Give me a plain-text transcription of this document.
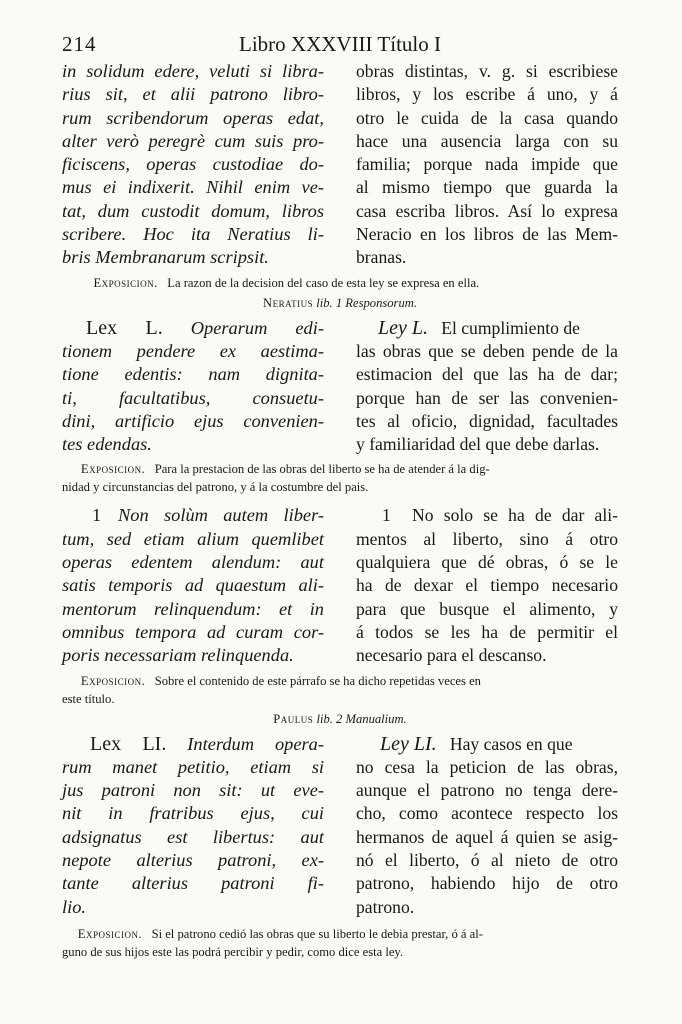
214	Libro XXXVIII Título I
in solidum edere, veluti si libra-
rius sit, et alii patrono libro-
rum scribendorum operas edat,
alter verò peregrè cum suis pro-
ficiscens, operas custodiae do-
mus ei indixerit. Nihil enim ve-
tat, dum custodit domum, libros
scribere. Hoc ita Neratius li-
bris Membranarum scripsit.
obras distintas, v. g. si escribiese
libros, y los escribe á uno, y á
otro le cuida de la casa quando
hace una ausencia larga con su
familia; porque nada impide que
al mismo tiempo que guarda la
casa escriba libros. Así lo expresa
Neracio en los libros de las Mem-
branas.
Exposicion. La razon de la decision del caso de esta ley se expresa en ella.
Neratius lib. 1 Responsorum.
Lex L. Operarum edi-
tionem pendere ex aestima-
tione edentis: nam dignita-
ti, facultatibus, consuetu-
dini, artificio ejus convenien-
tes edendas.
Ley L. El cumplimiento de
las obras que se deben pende de la
estimacion del que las ha de dar;
porque han de ser las convenien-
tes al oficio, dignidad, facultades
y familiaridad del que debe darlas.
Exposicion. Para la prestacion de las obras del liberto se ha de atender á la dig-
nidad y circunstancias del patrono, y á la costumbre del pais.
1 Non solùm autem liber-
tum, sed etiam alium quemlibet
operas edentem alendum: aut
satis temporis ad quaestum ali-
mentorum relinquendum: et in
omnibus tempora ad curam cor-
poris necessariam relinquenda.
1 No solo se ha de dar ali-
mentos al liberto, sino á otro
qualquiera que dé obras, ó se le
ha de dexar el tiempo necesario
para que busque el alimento, y
á todos se les ha de permitir el
necesario para el descanso.
Exposicion. Sobre el contenido de este párrafo se ha dicho repetidas veces en
este título.
Paulus lib. 2 Manualium.
Lex LI. Interdum opera-
rum manet petitio, etiam si
jus patroni non sit: ut eve-
nit in fratribus ejus, cui
adsignatus est libertus: aut
nepote alterius patroni, ex-
tante alterius patroni fi-
lio.
Ley LI. Hay casos en que
no cesa la peticion de las obras,
aunque el patrono no tenga dere-
cho, como acontece respecto los
hermanos de aquel á quien se asig-
nó el liberto, ó al nieto de otro
patrono, habiendo hijo de otro
patrono.
Exposicion. Si el patrono cedió las obras que su liberto le debia prestar, ó á al-
guno de sus hijos este las podrá percibir y pedir, como dice esta ley.
